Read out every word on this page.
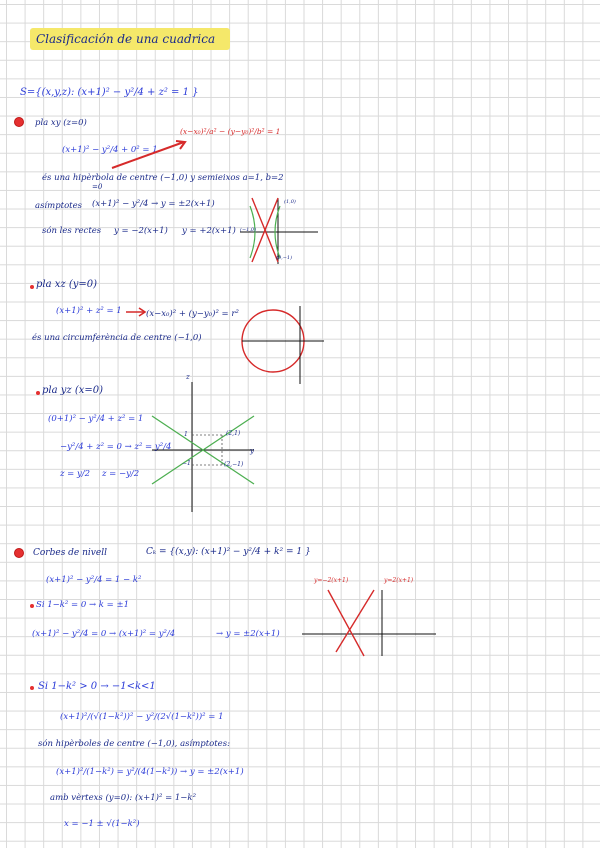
Clasificación de una cuadrica
S={(x,y,z): (x+1)² − y²/4 + z² = 1 }
pla xy (z=0)
(x−x₀)²/a² − (y−y₀)²/b² = 1
(x+1)² − y²/4 + 0² = 1
és una hipèrbola de centre (−1,0) y semieixos a=1, b=2
=0
asímptotes (x+1)² − y²/4 → y = ±2(x+1)
són les rectes y = −2(x+1) y = +2(x+1)
(1,0)
(−1,0)
(0,−1)
pla xz (y=0)
(x+1)² + z² = 1	(x−x₀)² + (y−y₀)² = r²
és una circumferència de centre (−1,0)
pla yz (x=0)
(0+1)² − y²/4 + z² = 1
−y²/4 + z² = 0 → z² = y²/4
z = y/2 z = −y/2
z
y
1
−1
(2,1)
(2,−1)
Corbes de nivell	Cₖ = {(x,y): (x+1)² − y²/4 + k² = 1 }
(x+1)² − y²/4 = 1 − k²
Si 1−k² = 0 → k = ±1
(x+1)² − y²/4 = 0 → (x+1)² = y²/4	→ y = ±2(x+1)
y=−2(x+1)	y=2(x+1)
Si 1−k² > 0 → −1<k<1
(x+1)²/(√(1−k²))² − y²/(2√(1−k²))² = 1
són hipèrboles de centre (−1,0), asímptotes:
(x+1)²/(1−k²) = y²/(4(1−k²)) → y = ±2(x+1)
amb vèrtexs (y=0): (x+1)² = 1−k²
x = −1 ± √(1−k²)
